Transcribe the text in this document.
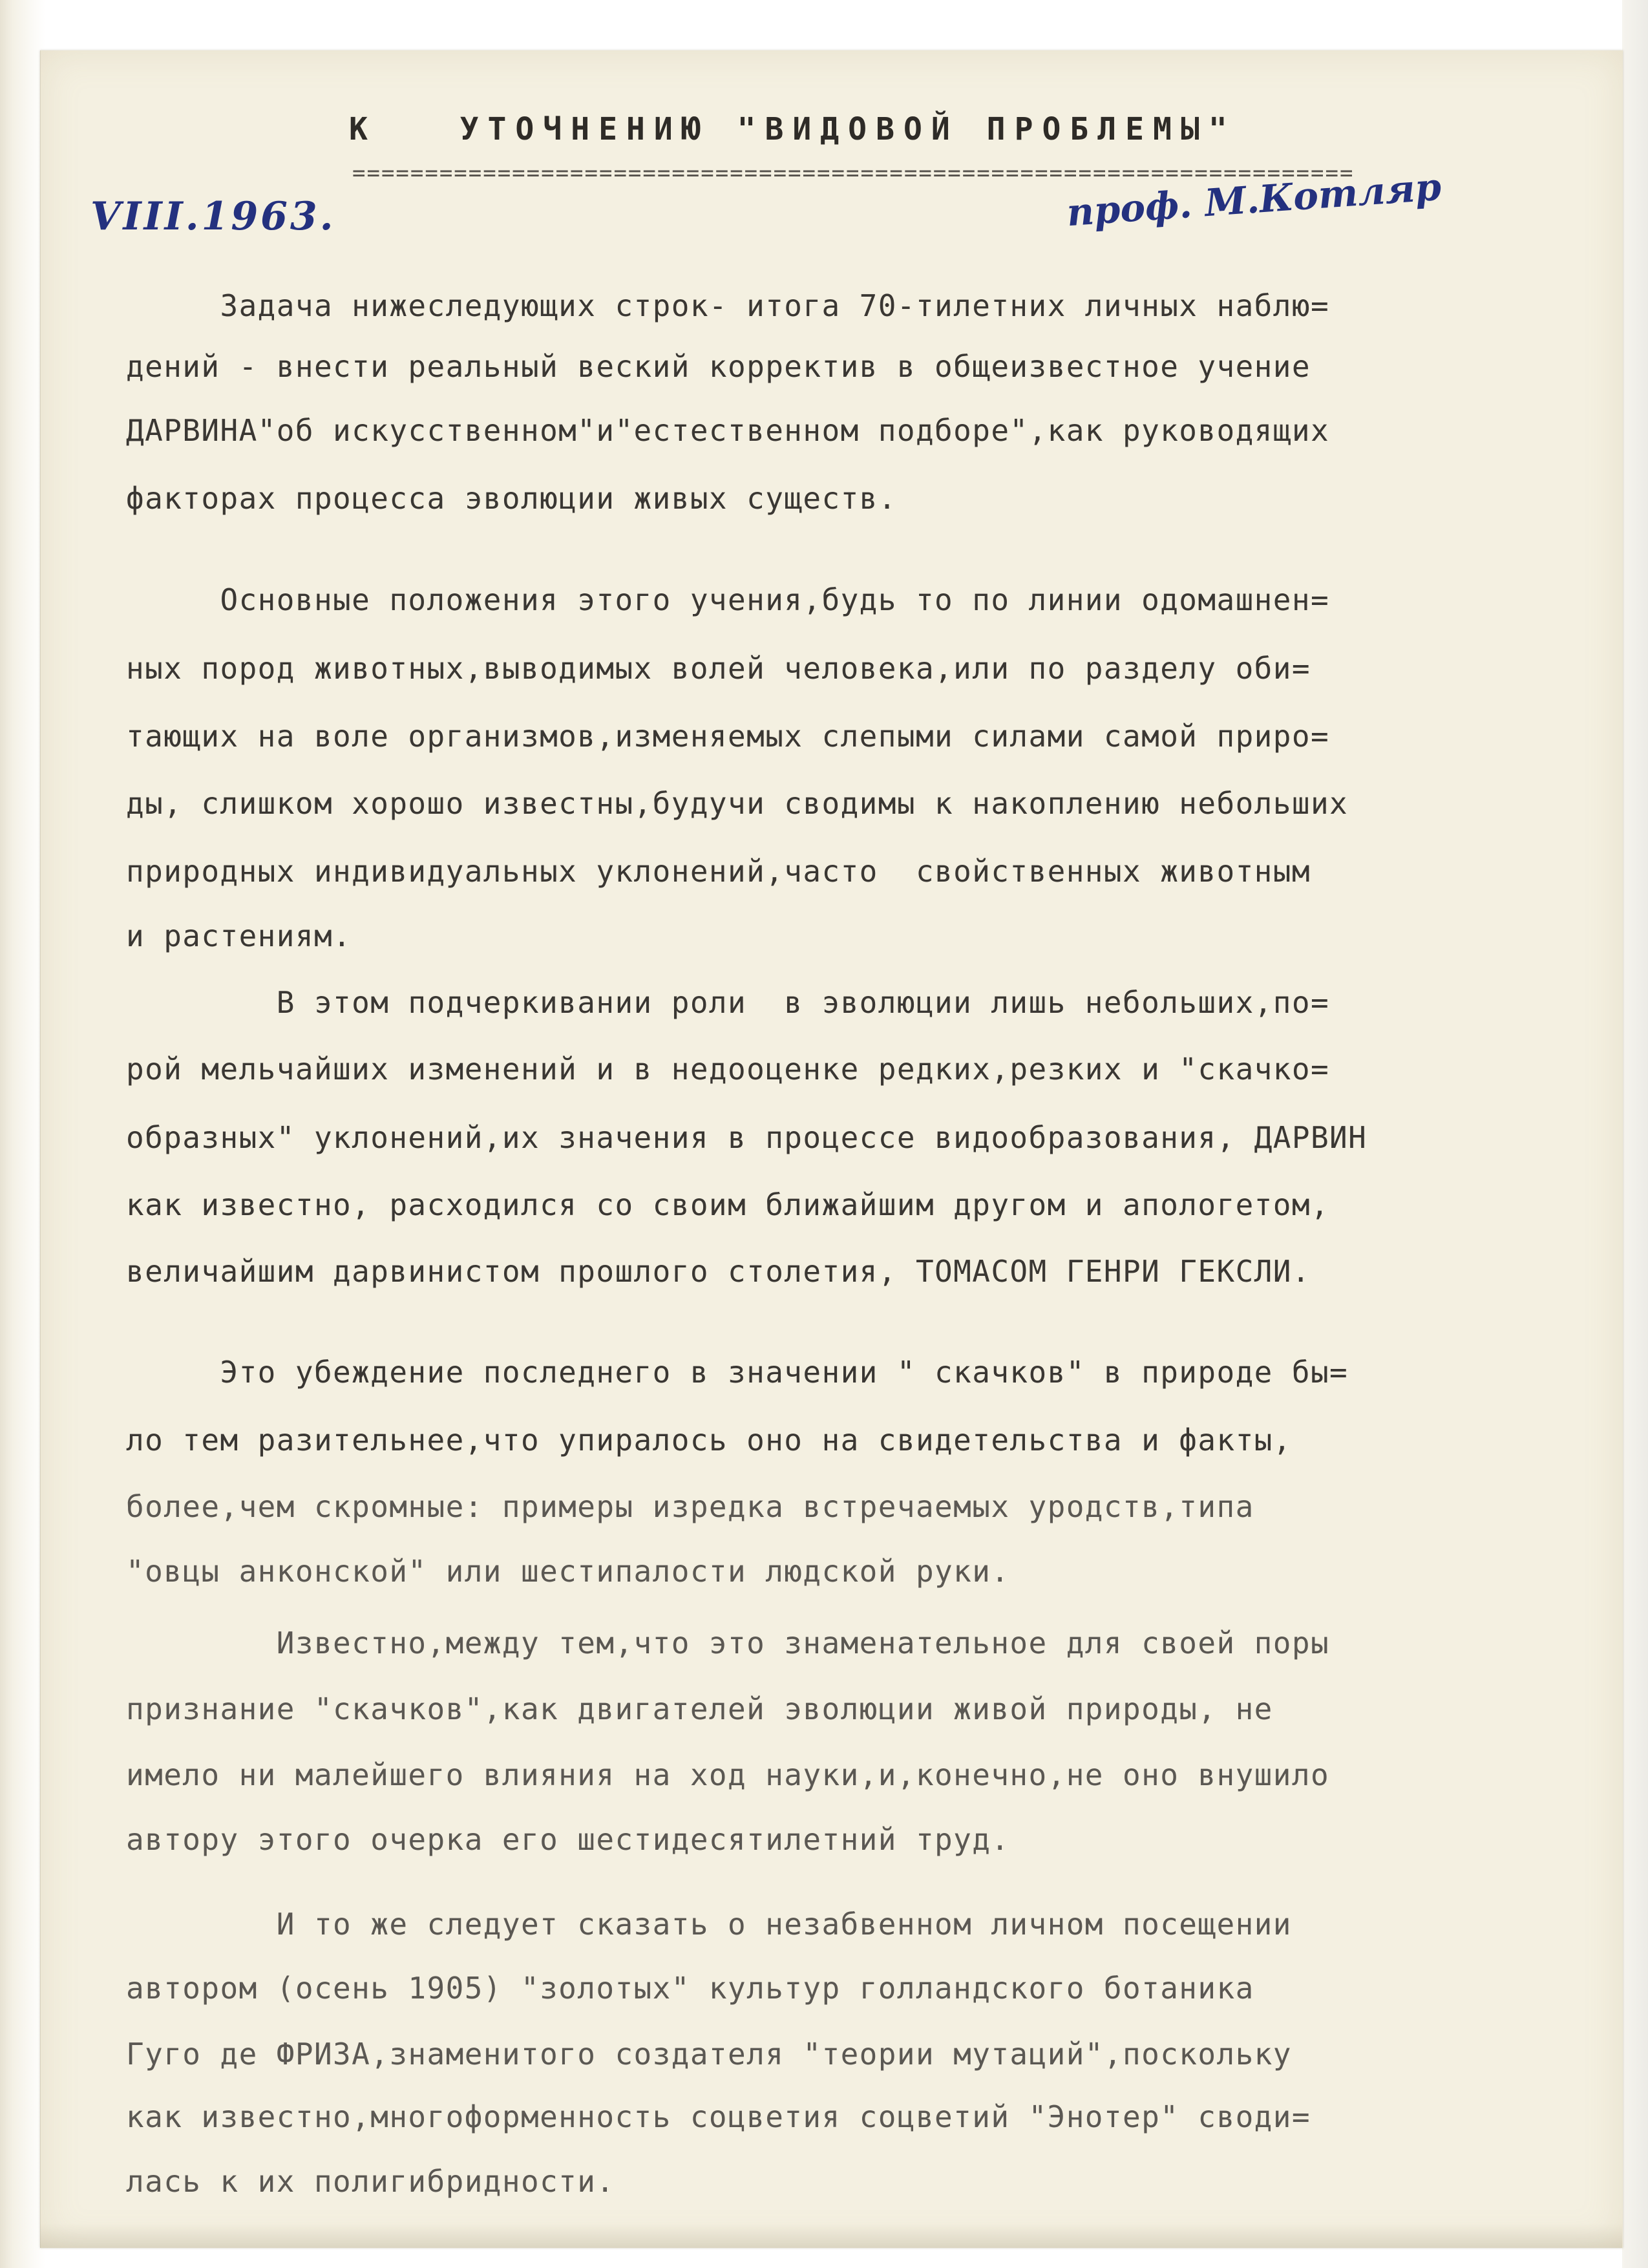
К   УТОЧНЕНИЮ "ВИДОВОЙ ПРОБЛЕМЫ"
=====================================================================
VIII.1963.	проф. М.Котляр
Задача нижеследующих строк- итога 70-тилетних личных наблю=
дений - внести реальный веский корректив в общеизвестное учение
ДАРВИНА"об искусственном"и"естественном подборе",как руководящих
факторах процесса эволюции живых существ.
Основные положения этого учения,будь то по линии одомашнен=
ных пород животных,выводимых волей человека,или по разделу оби=
тающих на воле организмов,изменяемых слепыми силами самой приро=
ды, слишком хорошо известны,будучи сводимы к накоплению небольших
природных индивидуальных уклонений,часто  свойственных животным
и растениям.
В этом подчеркивании роли  в эволюции лишь небольших,по=
рой мельчайших изменений и в недооценке редких,резких и "скачко=
образных" уклонений,их значения в процессе видообразования, ДАРВИН
как известно, расходился со своим ближайшим другом и апологетом,
величайшим дарвинистом прошлого столетия, ТОМАСОМ ГЕНРИ ГЕКСЛИ.
Это убеждение последнего в значении " скачков" в природе бы=
ло тем разительнее,что упиралось оно на свидетельства и факты,
более,чем скромные: примеры изредка встречаемых уродств,типа
"овцы анконской" или шестипалости людской руки.
Известно,между тем,что это знаменательное для своей поры
признание "скачков",как двигателей эволюции живой природы, не
имело ни малейшего влияния на ход науки,и,конечно,не оно внушило
автору этого очерка его шестидесятилетний труд.
И то же следует сказать о незабвенном личном посещении
автором (осень 1905) "золотых" культур голландского ботаника
Гуго де ФРИЗА,знаменитого создателя "теории мутаций",поскольку
как известно,многоформенность соцветия соцветий "Энотер" своди=
лась к их полигибридности.
